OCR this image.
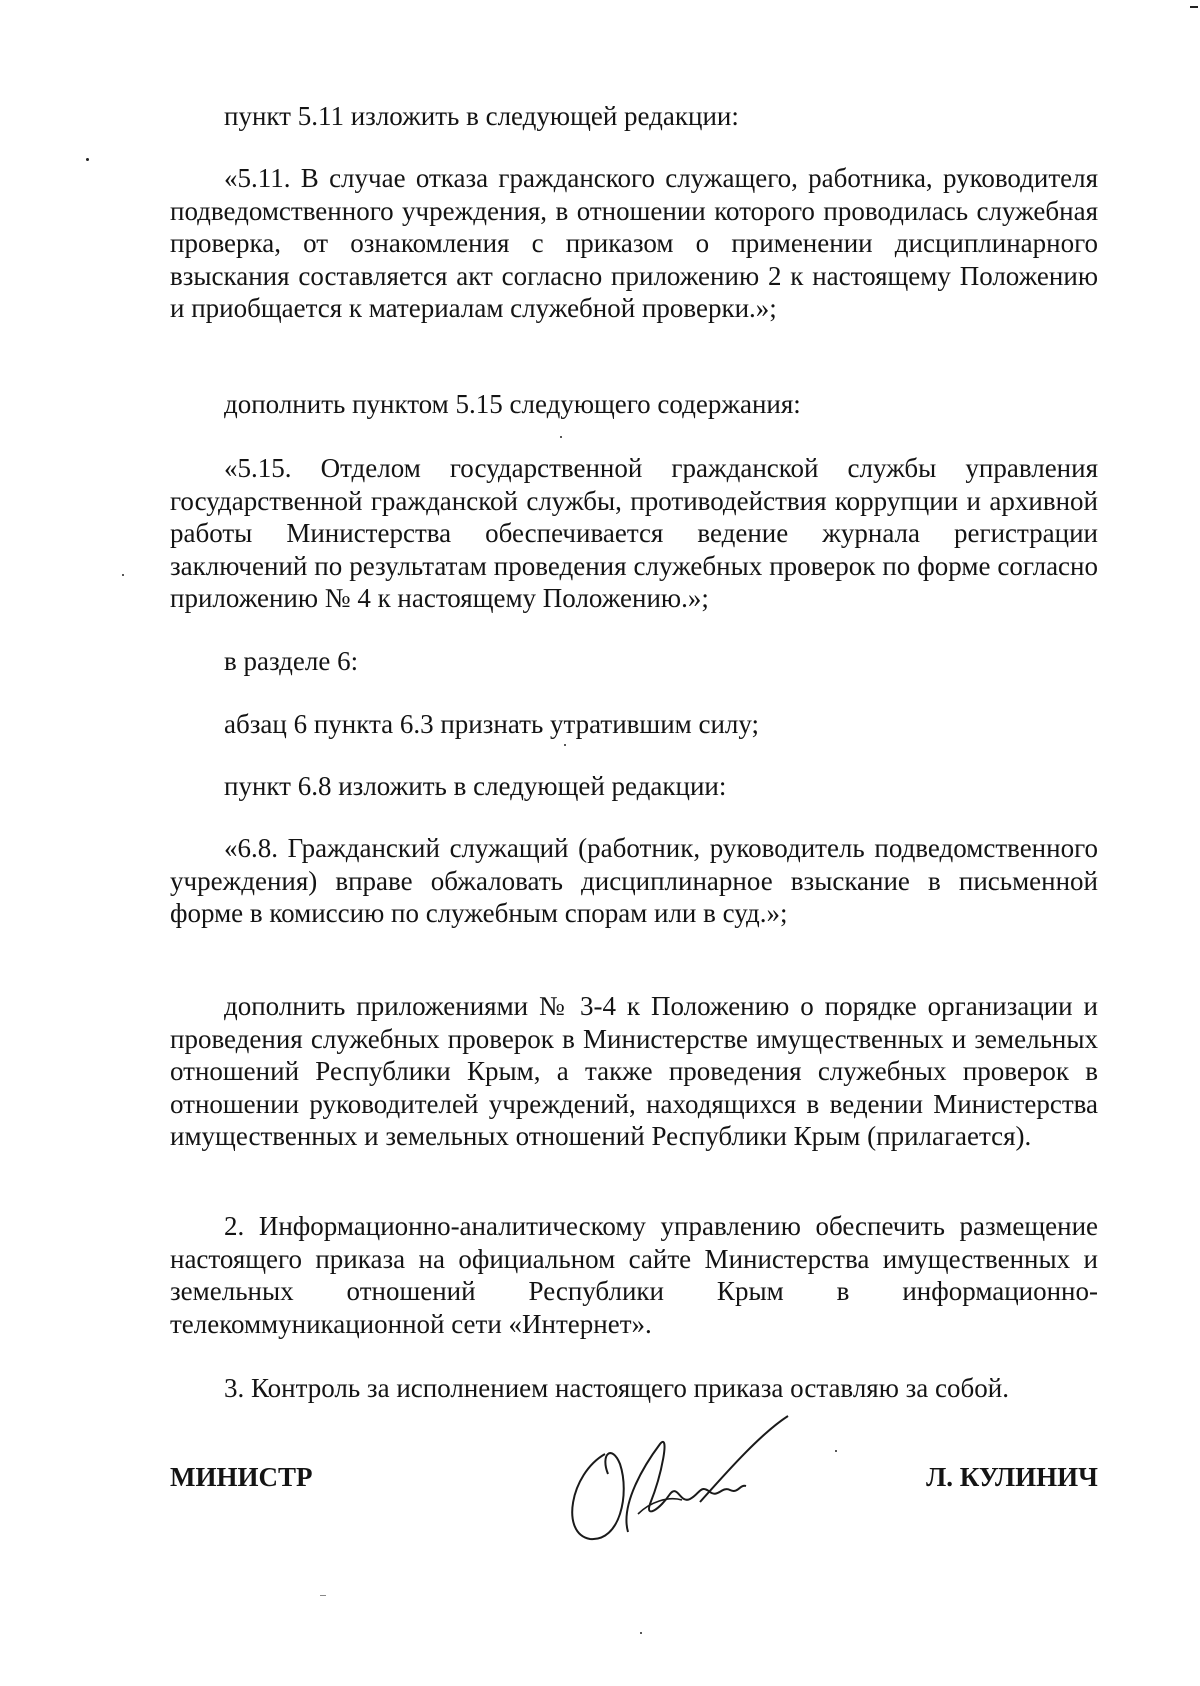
пункт 5.11 изложить в следующей редакции:

«5.11. В случае отказа гражданского служащего, работника, руководителя подведомственного учреждения, в отношении которого проводилась служебная проверка, от ознакомления с приказом о применении дисциплинарного взыскания составляется акт согласно приложению 2 к настоящему Положению и приобщается к материалам служебной проверки.»;

дополнить пунктом 5.15 следующего содержания:

«5.15. Отделом государственной гражданской службы управления государственной гражданской службы, противодействия коррупции и архивной работы Министерства обеспечивается ведение журнала регистрации заключений по результатам проведения служебных проверок по форме согласно приложению № 4 к настоящему Положению.»;

в разделе 6:

абзац 6 пункта 6.3 признать утратившим силу;

пункт 6.8 изложить в следующей редакции:

«6.8. Гражданский служащий (работник, руководитель подведомственного учреждения) вправе обжаловать дисциплинарное взыскание в письменной форме в комиссию по служебным спорам или в суд.»;

дополнить приложениями № 3-4 к Положению о порядке организации и проведения служебных проверок в Министерстве имущественных и земельных отношений Республики Крым, а также проведения служебных проверок в отношении руководителей учреждений, находящихся в ведении Министерства имущественных и земельных отношений Республики Крым (прилагается).

2. Информационно-аналитическому управлению обеспечить размещение настоящего приказа на официальном сайте Министерства имущественных и земельных отношений Республики Крым в информационно-телекоммуникационной сети «Интернет».

3. Контроль за исполнением настоящего приказа оставляю за собой.

МИНИСТР	Л. КУЛИНИЧ
